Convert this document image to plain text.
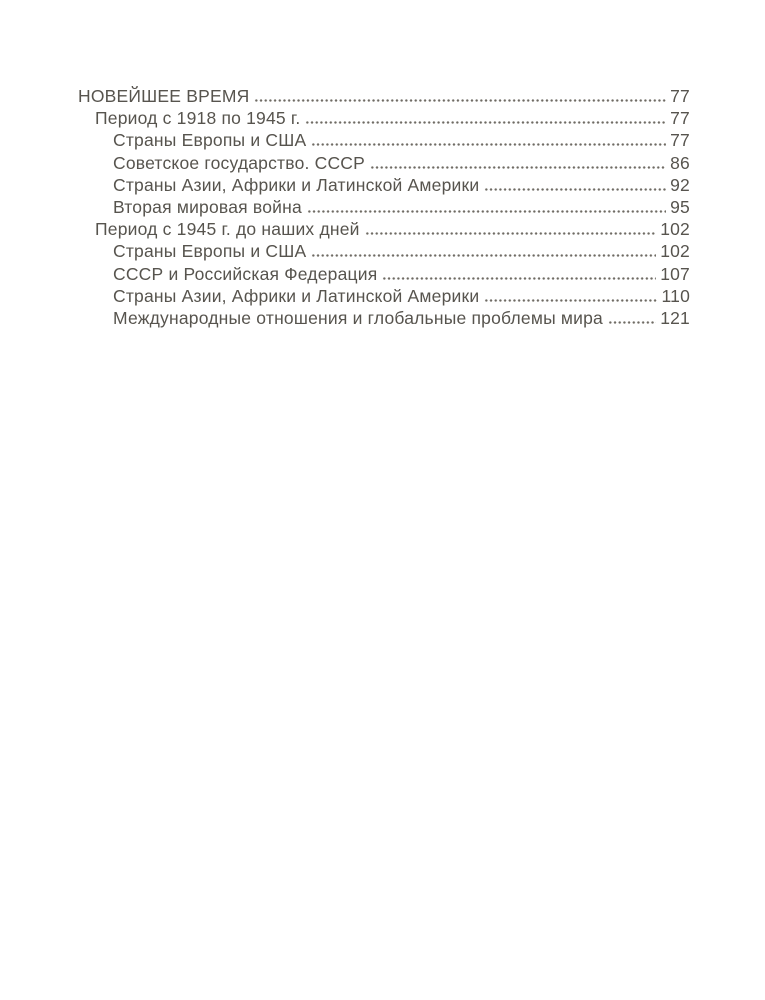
НОВЕЙШЕЕ ВРЕМЯ	77
Период с 1918 по 1945 г.	77
Страны Европы и США	77
Советское государство. СССР	86
Страны Азии, Африки и Латинской Америки	92
Вторая мировая война	95
Период с 1945 г. до наших дней	102
Страны Европы и США	102
СССР и Российская Федерация	107
Страны Азии, Африки и Латинской Америки	110
Международные отношения и глобальные проблемы мира	121
